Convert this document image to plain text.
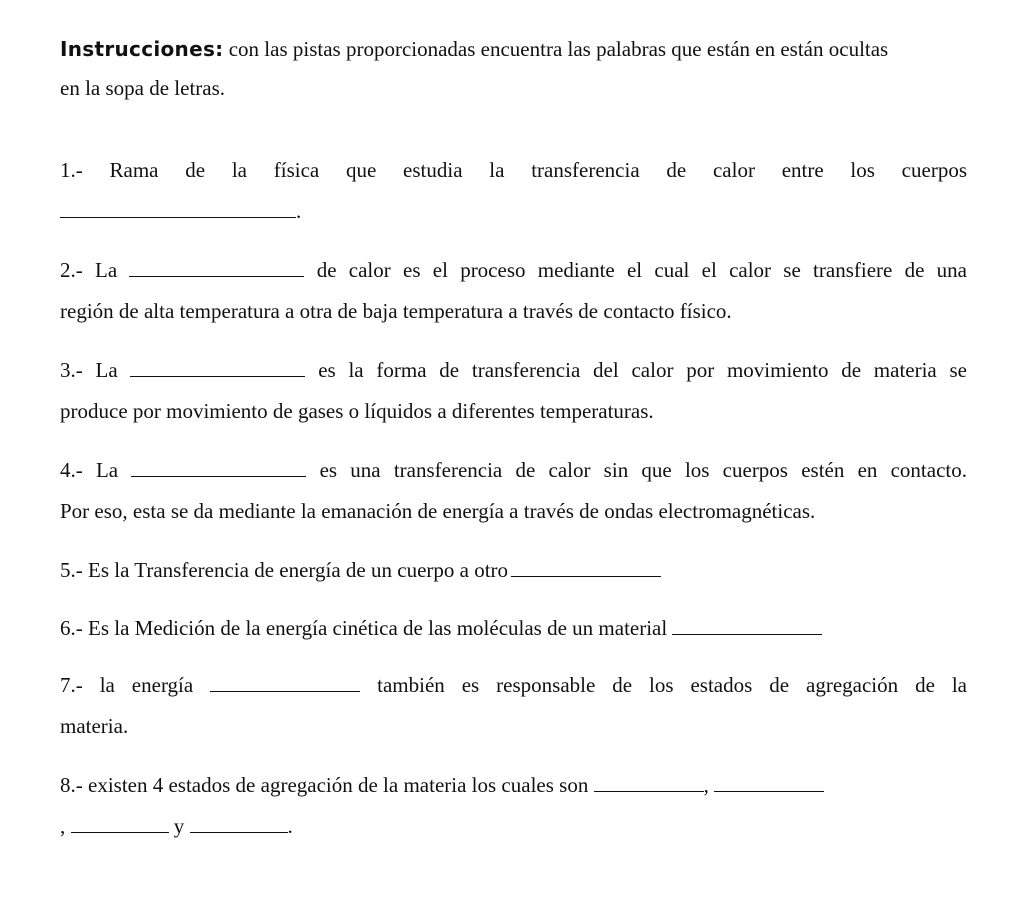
Instrucciones: con las pistas proporcionadas encuentra las palabras que están en están ocultas
en la sopa de letras.
1.- Rama de la física que estudia la transferencia de calor entre los cuerpos
.
2.- La	de calor es el proceso mediante el cual el calor se transfiere de una
región de alta temperatura a otra de baja temperatura a través de contacto físico.
3.- La	es la forma de transferencia del calor por movimiento de materia se
produce por movimiento de gases o líquidos a diferentes temperaturas.
4.- La	es una transferencia de calor sin que los cuerpos estén en contacto.
Por eso, esta se da mediante la emanación de energía a través de ondas electromagnéticas.
5.- Es la Transferencia de energía de un cuerpo a otro
6.- Es la Medición de la energía cinética de las moléculas de un material
7.- la energía	también es responsable de los estados de agregación de la
materia.
8.- existen 4 estados de agregación de la materia los cuales son	,
,	y	.
